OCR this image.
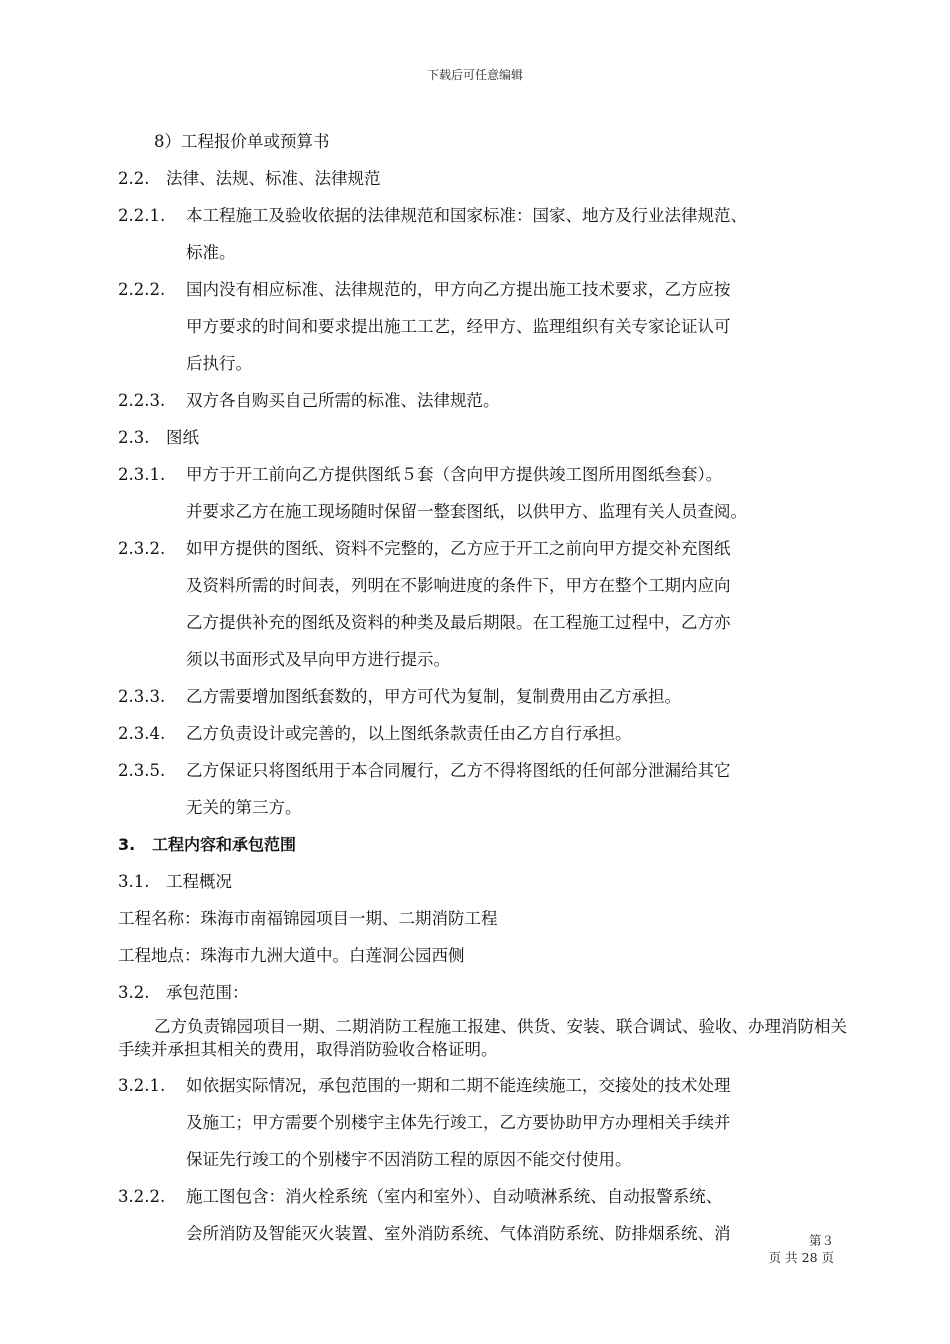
下载后可任意编辑
8）工程报价单或预算书
2.2. 法律、法规、标准、法律规范
2.2.1. 本工程施工及验收依据的法律规范和国家标准：国家、地方及行业法律规范、
标准。
2.2.2. 国内没有相应标准、法律规范的，甲方向乙方提出施工技术要求，乙方应按
甲方要求的时间和要求提出施工工艺，经甲方、监理组织有关专家论证认可
后执行。
2.2.3. 双方各自购买自己所需的标准、法律规范。
2.3. 图纸
2.3.1. 甲方于开工前向乙方提供图纸５套（含向甲方提供竣工图所用图纸叁套）。
并要求乙方在施工现场随时保留一整套图纸，以供甲方、监理有关人员查阅。
2.3.2. 如甲方提供的图纸、资料不完整的，乙方应于开工之前向甲方提交补充图纸
及资料所需的时间表，列明在不影响进度的条件下，甲方在整个工期内应向
乙方提供补充的图纸及资料的种类及最后期限。在工程施工过程中，乙方亦
须以书面形式及早向甲方进行提示。
2.3.3. 乙方需要增加图纸套数的，甲方可代为复制，复制费用由乙方承担。
2.3.4. 乙方负责设计或完善的，以上图纸条款责任由乙方自行承担。
2.3.5. 乙方保证只将图纸用于本合同履行，乙方不得将图纸的任何部分泄漏给其它
无关的第三方。
3. 工程内容和承包范围
3.1. 工程概况
工程名称：珠海市南福锦园项目一期、二期消防工程
工程地点：珠海市九洲大道中。白莲洞公园西侧
3.2. 承包范围：
乙方负责锦园项目一期、二期消防工程施工报建、供货、安装、联合调试、验收、办理消防相关手续并承担其相关的费用，取得消防验收合格证明。
3.2.1. 如依据实际情况，承包范围的一期和二期不能连续施工，交接处的技术处理
及施工；甲方需要个别楼宇主体先行竣工，乙方要协助甲方办理相关手续并
保证先行竣工的个别楼宇不因消防工程的原因不能交付使用。
3.2.2. 施工图包含：消火栓系统（室内和室外）、自动喷淋系统、自动报警系统、
会所消防及智能灭火装置、室外消防系统、气体消防系统、防排烟系统、消	第３
页 共 28 页
